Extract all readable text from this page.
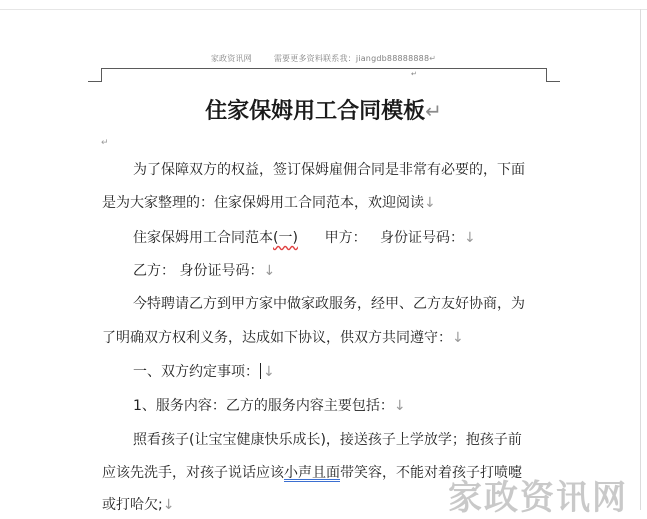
家政资讯网	需要更多资料联系我：jiangdb88888888↵
↵
住家保姆用工合同模板↵
↵
为了保障双方的权益，签订保姆雇佣合同是非常有必要的，下面
是为大家整理的：住家保姆用工合同范本，欢迎阅读↓
住家保姆用工合同范本(一)      甲方：   身份证号码：↓
乙方： 身份证号码：↓
今特聘请乙方到甲方家中做家政服务，经甲、乙方友好协商，为
了明确双方权利义务，达成如下协议，供双方共同遵守：↓
一、双方约定事项： ↓
1、服务内容：乙方的服务内容主要包括：↓
照看孩子(让宝宝健康快乐成长)，接送孩子上学放学；抱孩子前
应该先洗手，对孩子说话应该小声且面带笑容，不能对着孩子打喷嚏
或打哈欠;↓	家政资讯网
